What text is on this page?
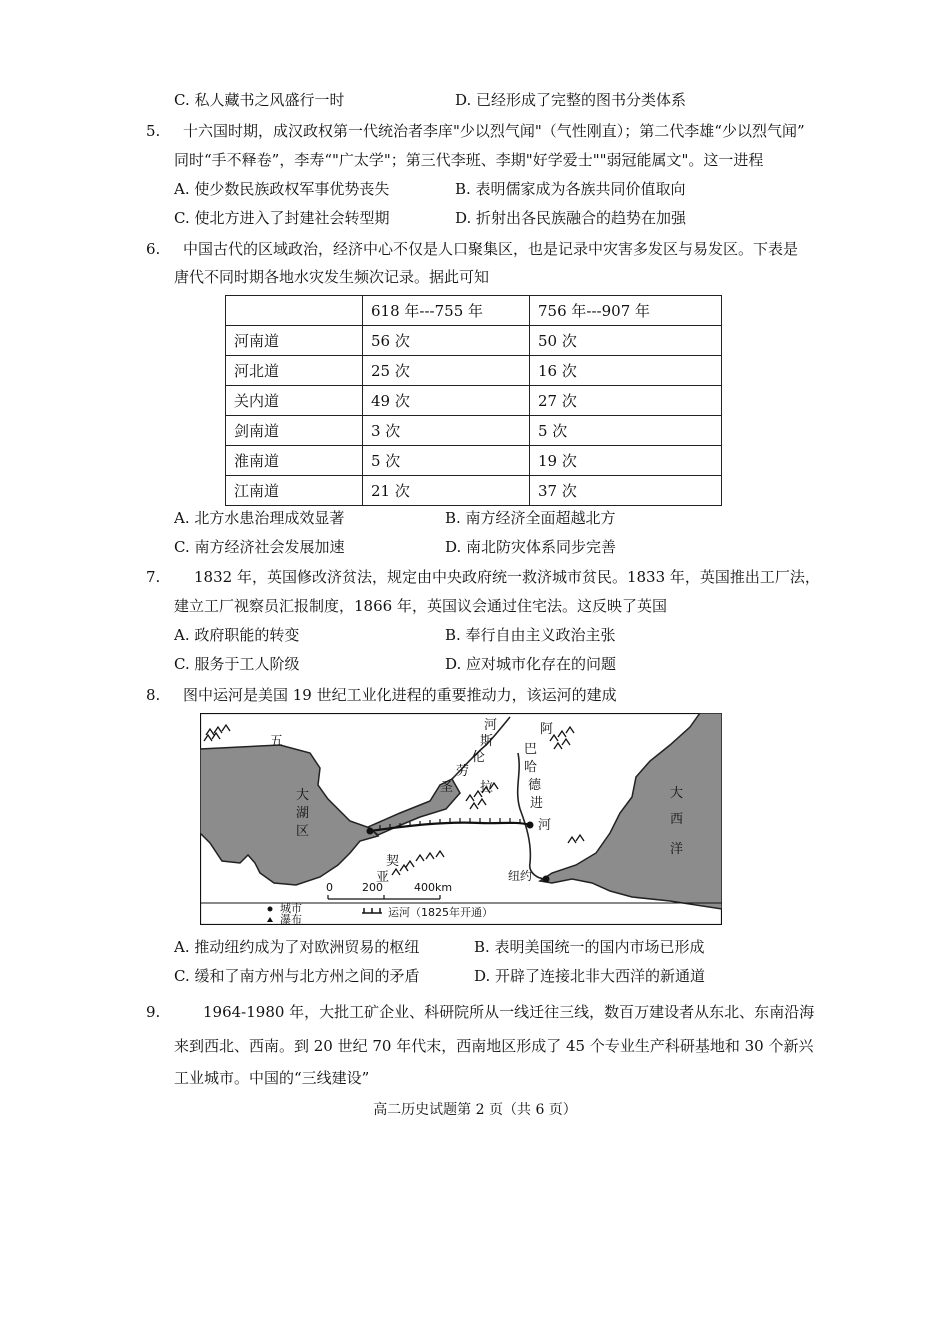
C. 私人藏书之风盛行一时	D. 已经形成了完整的图书分类体系
5. 十六国时期，成汉政权第一代统治者李庠"少以烈气闻"（气性刚直）；第二代李雄“少以烈气闻”
同时“手不释卷”，李寿“"广太学"；第三代李班、李期"好学爱士""弱冠能属文"。这一进程
A. 使少数民族政权军事优势丧失	B. 表明儒家成为各族共同价值取向
C. 使北方进入了封建社会转型期	D. 折射出各民族融合的趋势在加强
6. 中国古代的区域政治，经济中心不仅是人口聚集区，也是记录中灾害多发区与易发区。下表是
唐代不同时期各地水灾发生频次记录。据此可知
	618 年---755 年	756 年---907 年
河南道	56 次	50 次
河北道	25 次	16 次
关内道	49 次	27 次
剑南道	3 次	5 次
淮南道	5 次	19 次
江南道	21 次	37 次
A. 北方水患治理成效显著	B. 南方经济全面超越北方
C. 南方经济社会发展加速	D. 南北防灾体系同步完善
7. 1832 年，英国修改济贫法，规定由中央政府统一救济城市贫民。1833 年，英国推出工厂法，
建立工厂视察员汇报制度，1866 年，英国议会通过住宅法。这反映了英国
A. 政府职能的转变	B. 奉行自由主义政治主张
C. 服务于工人阶级	D. 应对城市化存在的问题
8. 图中运河是美国 19 世纪工业化进程的重要推动力，该运河的建成
五
大
湖
区
河
斯
伦
劳
圣
阿
巴
哈
德
进
河
拉
契
亚
大
西
洋
纽约
0	200	400km
城市
瀑布
运河（1825年开通）
A. 推动纽约成为了对欧洲贸易的枢纽	B. 表明美国统一的国内市场已形成
C. 缓和了南方州与北方州之间的矛盾	D. 开辟了连接北非大西洋的新通道
9.	1964-1980 年，大批工矿企业、科研院所从一线迁往三线，数百万建设者从东北、东南沿海
来到西北、西南。到 20 世纪 70 年代末，西南地区形成了 45 个专业生产科研基地和 30 个新兴
工业城市。中国的“三线建设”
高二历史试题第 2 页（共 6 页）
